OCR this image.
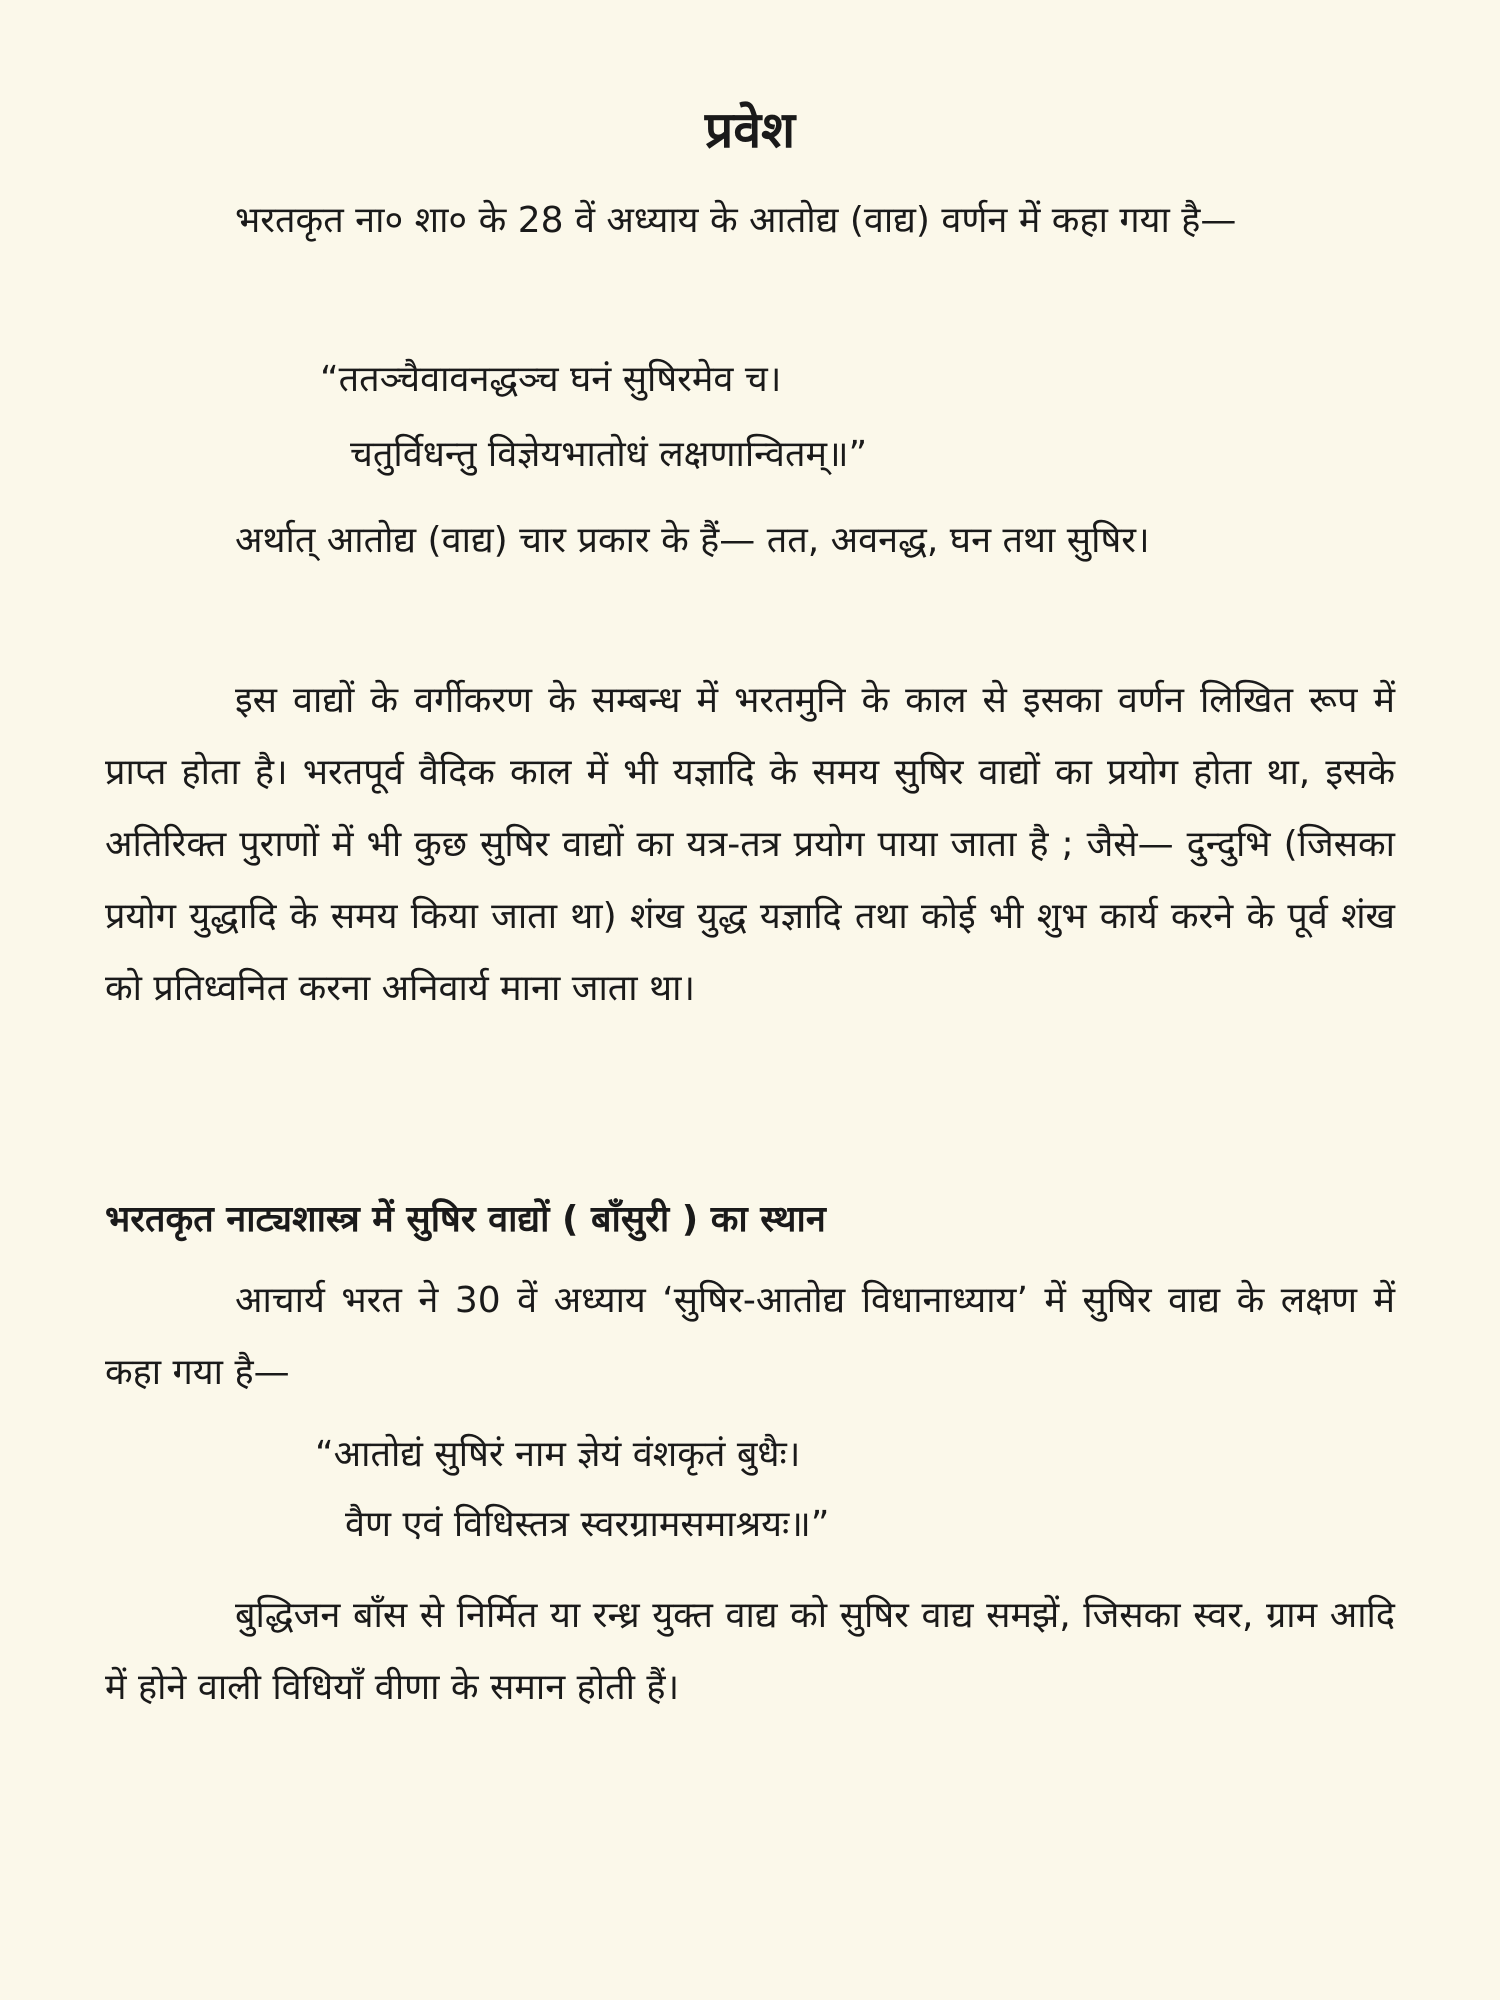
प्रवेश
भरतकृत ना० शा० के 28 वें अध्याय के आतोद्य (वाद्य) वर्णन में कहा गया है—
“ततञ्चैवावनद्धञ्च घनं सुषिरमेव च।
चतुर्विधन्तु विज्ञेयभातोधं लक्षणान्वितम्॥”
अर्थात् आतोद्य (वाद्य) चार प्रकार के हैं— तत, अवनद्ध, घन तथा सुषिर।
इस वाद्यों के वर्गीकरण के सम्बन्ध में भरतमुनि के काल से इसका वर्णन लिखित रूप में प्राप्त होता है। भरतपूर्व वैदिक काल में भी यज्ञादि के समय सुषिर वाद्यों का प्रयोग होता था, इसके अतिरिक्त पुराणों में भी कुछ सुषिर वाद्यों का यत्र-तत्र प्रयोग पाया जाता है ; जैसे— दुन्दुभि (जिसका प्रयोग युद्धादि के समय किया जाता था) शंख युद्ध यज्ञादि तथा कोई भी शुभ कार्य करने के पूर्व शंख को प्रतिध्वनित करना अनिवार्य माना जाता था।
भरतकृत नाट्यशास्त्र में सुषिर वाद्यों ( बाँसुरी ) का स्थान
आचार्य भरत ने 30 वें अध्याय ‘सुषिर-आतोद्य विधानाध्याय’ में सुषिर वाद्य के लक्षण में कहा गया है—
“आतोद्यं सुषिरं नाम ज्ञेयं वंशकृतं बुधैः।
वैण एवं विधिस्तत्र स्वरग्रामसमाश्रयः॥”
बुद्धिजन बाँस से निर्मित या रन्ध्र युक्त वाद्य को सुषिर वाद्य समझें, जिसका स्वर, ग्राम आदि में होने वाली विधियाँ वीणा के समान होती हैं।
